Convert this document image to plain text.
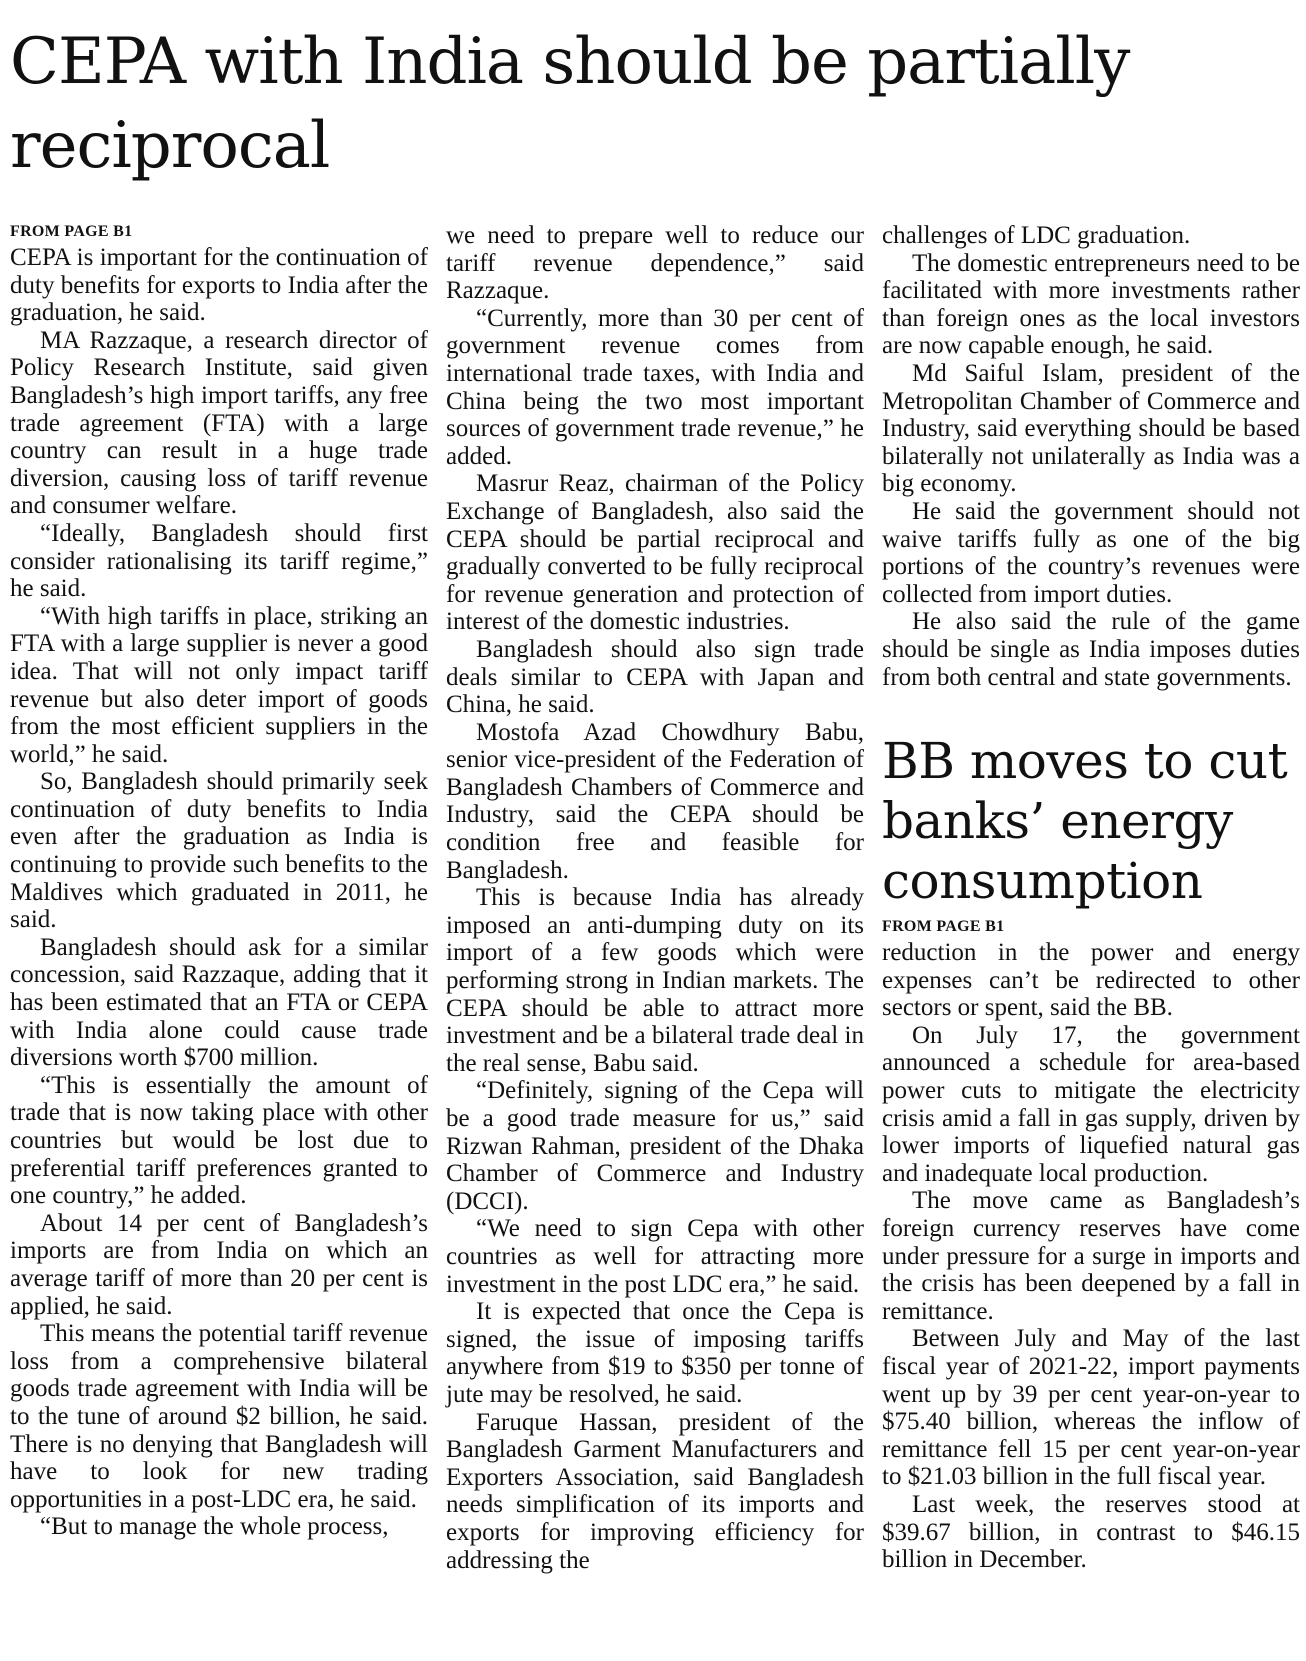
CEPA with India should be partially reciprocal
FROM PAGE B1

CEPA is important for the continuation of duty benefits for exports to India after the graduation, he said.

MA Razzaque, a research director of Policy Research Institute, said given Bangladesh’s high import tariffs, any free trade agreement (FTA) with a large country can result in a huge trade diversion, causing loss of tariff revenue and consumer welfare.

“Ideally, Bangladesh should first consider rationalising its tariff regime,” he said.

“With high tariffs in place, striking an FTA with a large supplier is never a good idea. That will not only impact tariff revenue but also deter import of goods from the most efficient suppliers in the world,” he said.

So, Bangladesh should primarily seek continuation of duty benefits to India even after the graduation as India is continuing to provide such benefits to the Maldives which graduated in 2011, he said.

Bangladesh should ask for a similar concession, said Razzaque, adding that it has been estimated that an FTA or CEPA with India alone could cause trade diversions worth $700 million.

“This is essentially the amount of trade that is now taking place with other countries but would be lost due to preferential tariff preferences granted to one country,” he added.

About 14 per cent of Bangladesh’s imports are from India on which an average tariff of more than 20 per cent is applied, he said.

This means the potential tariff revenue loss from a comprehensive bilateral goods trade agreement with India will be to the tune of around $2 billion, he said. There is no denying that Bangladesh will have to look for new trading opportunities in a post-LDC era, he said.

“But to manage the whole process,

we need to prepare well to reduce our tariff revenue dependence,” said Razzaque.

“Currently, more than 30 per cent of government revenue comes from international trade taxes, with India and China being the two most important sources of government trade revenue,” he added.

Masrur Reaz, chairman of the Policy Exchange of Bangladesh, also said the CEPA should be partial reciprocal and gradually converted to be fully reciprocal for revenue generation and protection of interest of the domestic industries.

Bangladesh should also sign trade deals similar to CEPA with Japan and China, he said.

Mostofa Azad Chowdhury Babu, senior vice-president of the Federation of Bangladesh Chambers of Commerce and Industry, said the CEPA should be condition free and feasible for Bangladesh.

This is because India has already imposed an anti-dumping duty on its import of a few goods which were performing strong in Indian markets. The CEPA should be able to attract more investment and be a bilateral trade deal in the real sense, Babu said.

“Definitely, signing of the Cepa will be a good trade measure for us,” said Rizwan Rahman, president of the Dhaka Chamber of Commerce and Industry (DCCI).

“We need to sign Cepa with other countries as well for attracting more investment in the post LDC era,” he said.

It is expected that once the Cepa is signed, the issue of imposing tariffs anywhere from $19 to $350 per tonne of jute may be resolved, he said.

Faruque Hassan, president of the Bangladesh Garment Manufacturers and Exporters Association, said Bangladesh needs simplification of its imports and exports for improving efficiency for addressing the

challenges of LDC graduation.

The domestic entrepreneurs need to be facilitated with more investments rather than foreign ones as the local investors are now capable enough, he said.

Md Saiful Islam, president of the Metropolitan Chamber of Commerce and Industry, said everything should be based bilaterally not unilaterally as India was a big economy.

He said the government should not waive tariffs fully as one of the big portions of the country’s revenues were collected from import duties.

He also said the rule of the game should be single as India imposes duties from both central and state governments.

BB moves to cut banks’ energy consumption
FROM PAGE B1

reduction in the power and energy expenses can’t be redirected to other sectors or spent, said the BB.

On July 17, the government announced a schedule for area-based power cuts to mitigate the electricity crisis amid a fall in gas supply, driven by lower imports of liquefied natural gas and inadequate local production.

The move came as Bangladesh’s foreign currency reserves have come under pressure for a surge in imports and the crisis has been deepened by a fall in remittance.

Between July and May of the last fiscal year of 2021-22, import payments went up by 39 per cent year-on-year to $75.40 billion, whereas the inflow of remittance fell 15 per cent year-on-year to $21.03 billion in the full fiscal year.

Last week, the reserves stood at $39.67 billion, in contrast to $46.15 billion in December.
